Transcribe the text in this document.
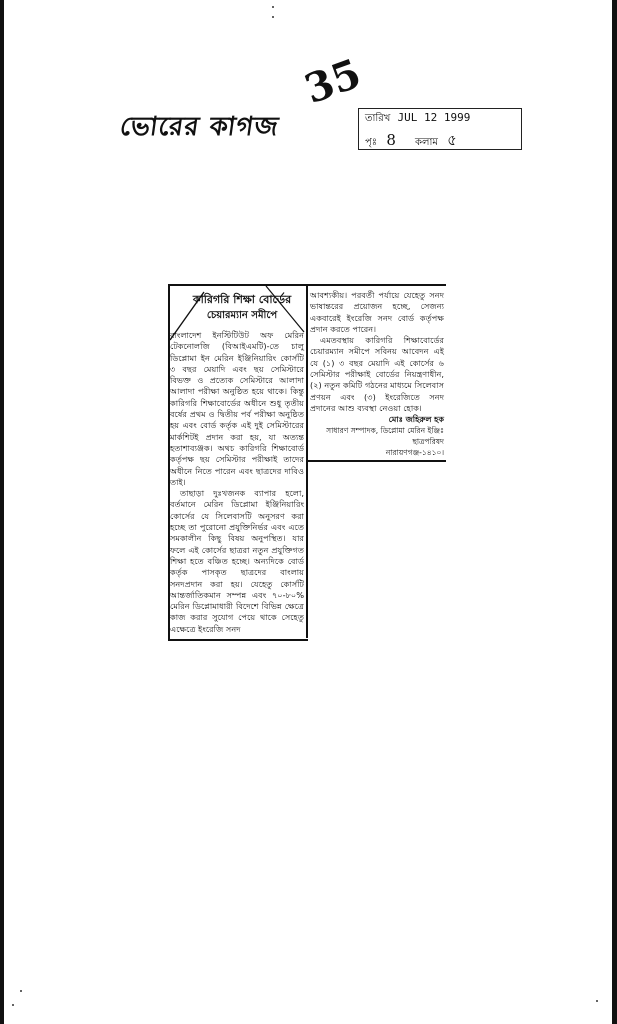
ভোরের কাগজ
35
তারিখ JUL 12 1999
পৃঃ 8 কলাম ৫
কারিগরি শিক্ষা বোর্ডের
চেয়ারম্যান সমীপে

বাংলাদেশ ইনস্টিটিউট অফ মেরিন টেকনোলজি (বিআইএমটি)-তে চালু ডিপ্লোমা ইন মেরিন ইঞ্জিনিয়ারিং কোর্সটি ৩ বছর মেয়াদি এবং ছয় সেমিস্টারে বিভক্ত ও প্রত্যেক সেমিস্টারে আলাদা আলাদা পরীক্ষা অনুষ্ঠিত হয়ে থাকে। কিন্তু কারিগরি শিক্ষাবোর্ডের অধীনে শুধু তৃতীয় বর্ষের প্রথম ও দ্বিতীয় পর্ব পরীক্ষা অনুষ্ঠিত হয় এবং বোর্ড কর্তৃক এই দুই সেমিস্টারের মার্কশিটই প্রদান করা হয়, যা অত্যন্ত হতাশাব্যঞ্জক। অথচ কারিগরি শিক্ষাবোর্ড কর্তৃপক্ষ ছয় সেমিস্টার পরীক্ষাই তাদের অধীনে নিতে পারেন এবং ছাত্রদের দাবিও তাই।

তাছাড়া দুঃখজনক ব্যাপার হলো, বর্তমানে মেরিন ডিপ্লোমা ইঞ্জিনিয়ারিং কোর্সের যে সিলেবাসটি অনুসরণ করা হচ্ছে তা পুরোনো প্রযুক্তিনির্ভর এবং এতে সমকালীন কিছু বিষয় অনুপস্থিত। যার ফলে এই কোর্সের ছাত্ররা নতুন প্রযুক্তিগত শিক্ষা হতে বঞ্চিত হচ্ছে। অন্যদিকে বোর্ড কর্তৃক পাসকৃত ছাত্রদের বাংলায় সনদপ্রদান করা হয়। যেহেতু কোর্সটি আন্তর্জাতিকমান সম্পন্ন এবং ৭০-৮০% মেরিন ডিপ্লোমাধারী বিদেশে বিভিন্ন ক্ষেত্রে কাজ করার সুযোগ পেয়ে থাকে সেহেতু এক্ষেত্রে ইংরেজি সনদ

আবশ্যকীয়। পরবর্তী পর্যায়ে যেহেতু সনদ ভাষান্তরের প্রয়োজন হচ্ছে, সেজন্য একবারেই ইংরেজি সনদ বোর্ড কর্তৃপক্ষ প্রদান করতে পারেন।

এমতবস্থায় কারিগরি শিক্ষাবোর্ডের চেয়ারম্যান সমীপে সবিনয় আবেদন এই যে (১) ৩ বছর মেয়াদি এই কোর্সের ৬ সেমিস্টার পরীক্ষাই বোর্ডের নিয়ন্ত্রণাধীন, (২) নতুন কমিটি গঠনের মাধ্যমে সিলেবাস প্রণয়ন এবং (৩) ইংরেজিতে সনদ প্রদানের আশু ব্যবস্থা নেওয়া হোক।

মোঃ জহিরুল হক
সাধারণ সম্পাদক, ডিপ্লোমা মেরিন ইঞ্জিঃ ছাত্রপরিষদ
নারায়ণগঞ্জ-১৪১০।
